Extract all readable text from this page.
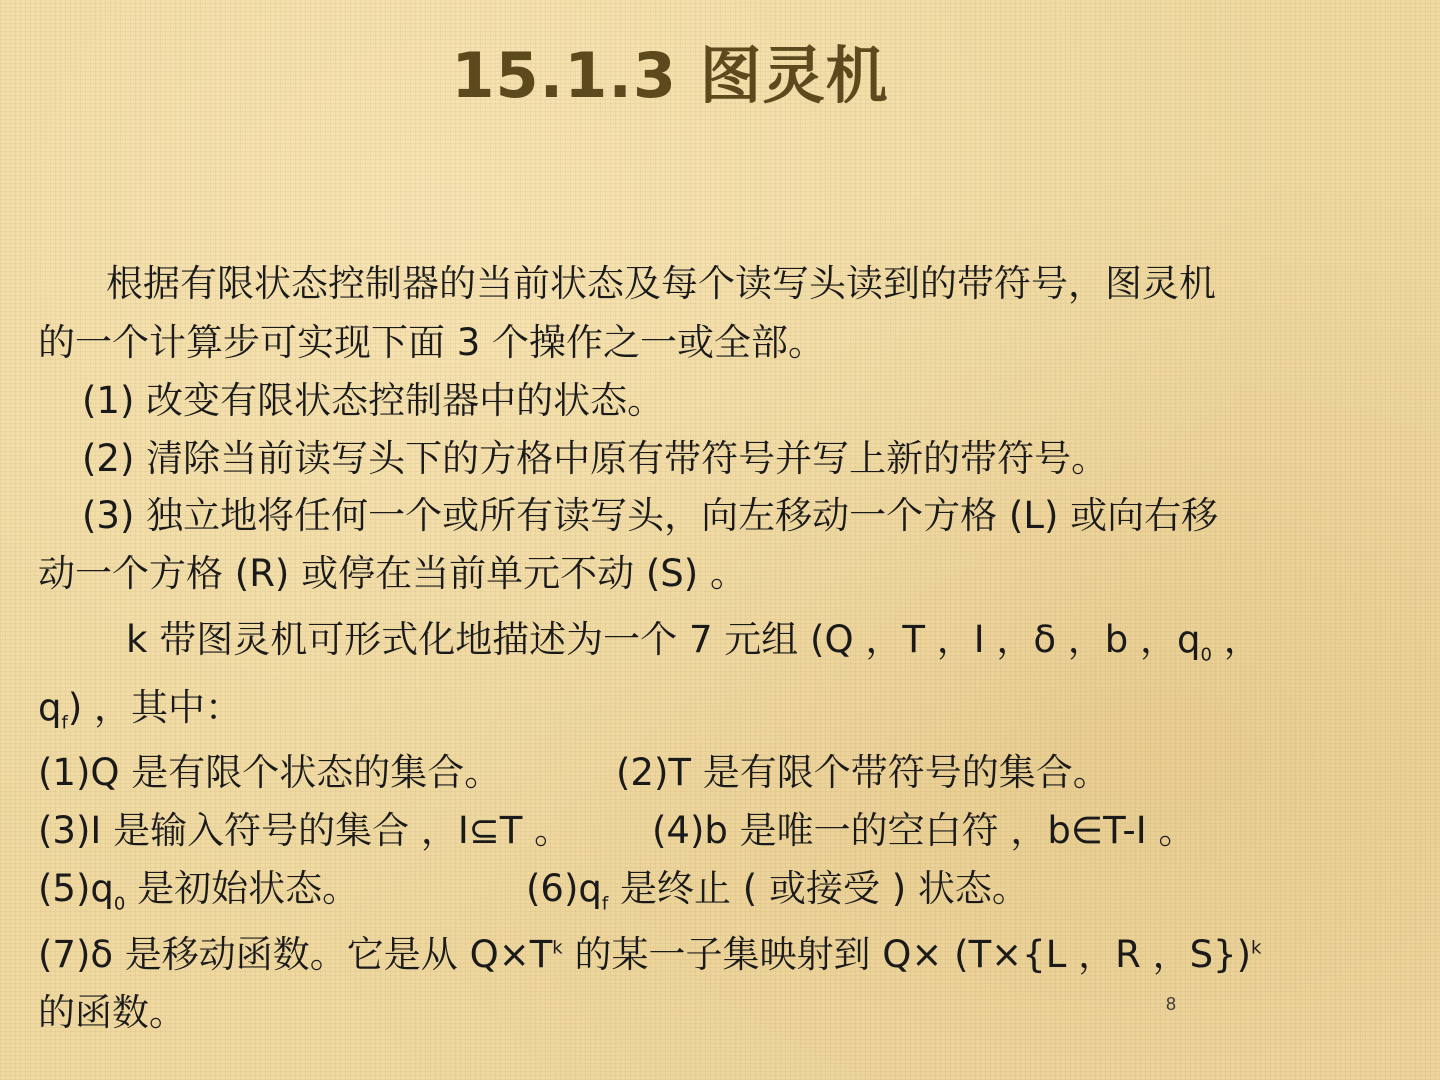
15.1.3 图灵机

根据有限状态控制器的当前状态及每个读写头读到的带符号，图灵机

的一个计算步可实现下面 3 个操作之一或全部。

(1) 改变有限状态控制器中的状态。

(2) 清除当前读写头下的方格中原有带符号并写上新的带符号。

(3) 独立地将任何一个或所有读写头，向左移动一个方格 (L) 或向右移

动一个方格 (R) 或停在当前单元不动 (S) 。

k 带图灵机可形式化地描述为一个 7 元组 (Q ，T ，I ，δ ，b ，$q_0$ ，

$q_f$) ，其中：

(1)Q 是有限个状态的集合。	(2)T 是有限个带符号的集合。

(3)I 是输入符号的集合 ，I⊆T 。 (4)b 是唯一的空白符 ，b∈T-I 。

$(5)q_0$ 是初始状态。	$(6)q_f$ 是终止 ( 或接受 ) 状态。

(7)δ 是移动函数。它是从 $Q\times T^k$ 的某一子集映射到 Q× (T×{L ，R ，S})$^k$

的函数。	8
